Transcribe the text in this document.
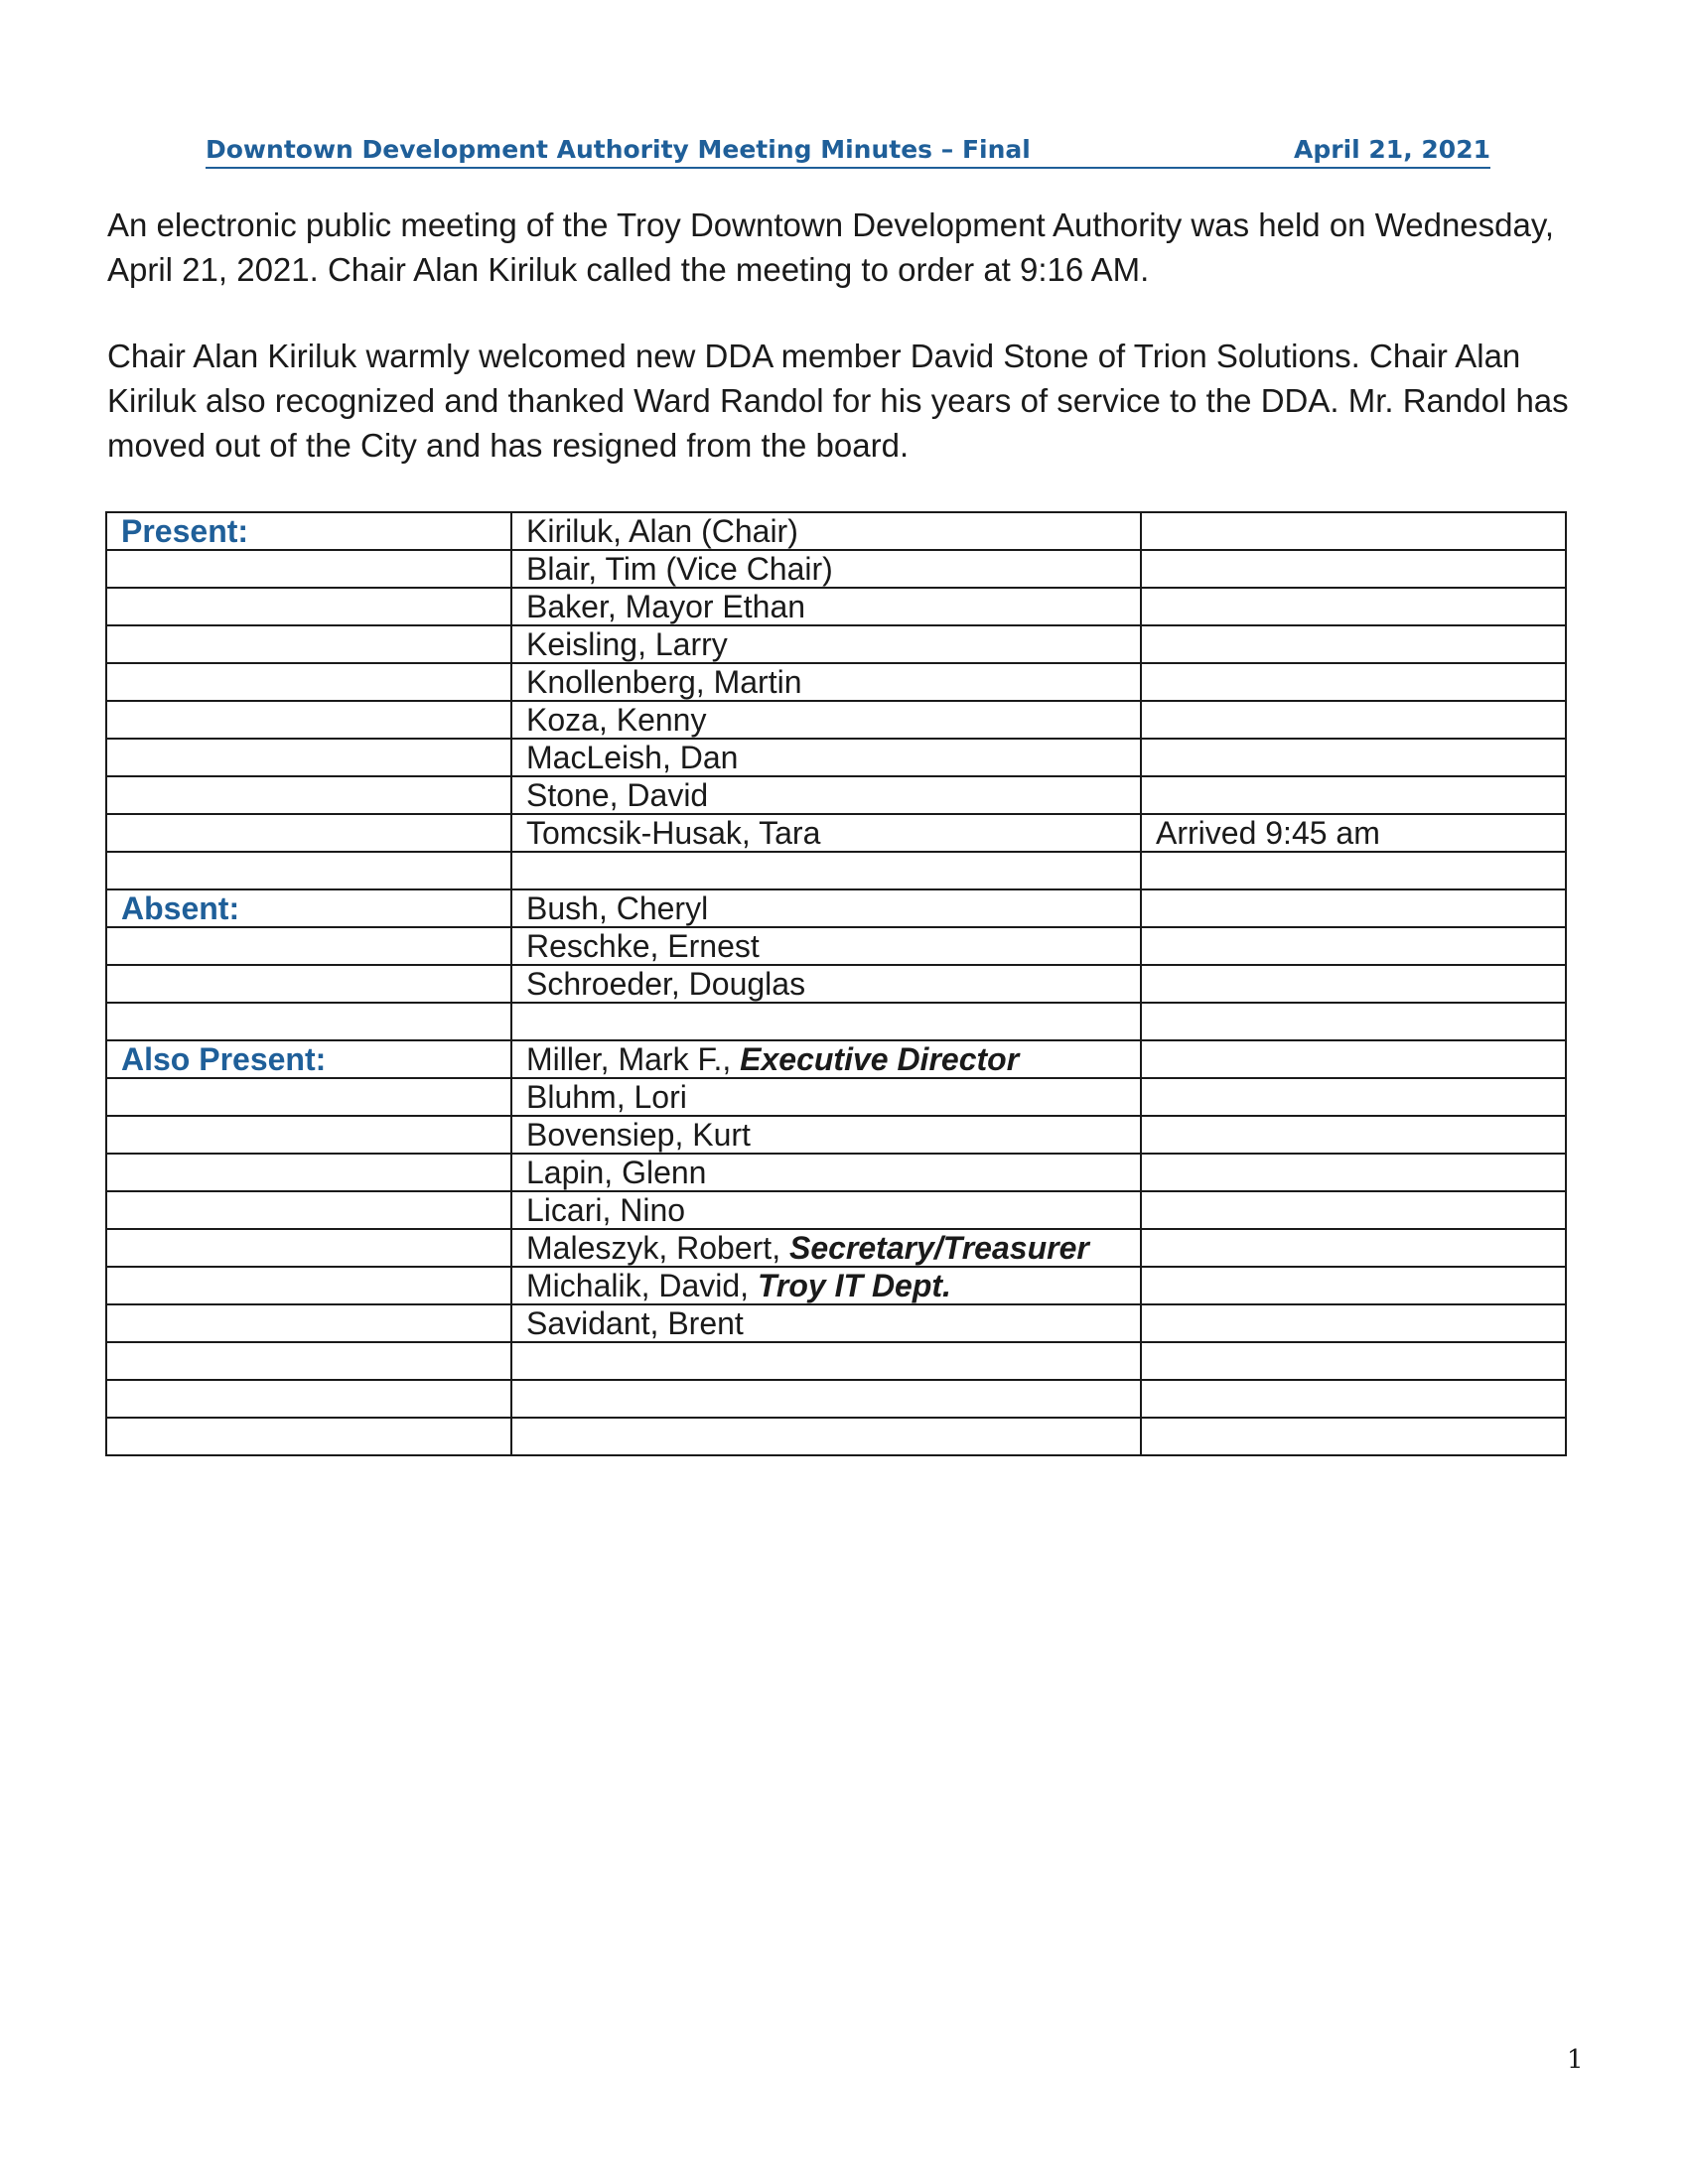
Downtown Development Authority Meeting Minutes – Final	April 21, 2021
An electronic public meeting of the Troy Downtown Development Authority was held on Wednesday,
April 21, 2021. Chair Alan Kiriluk called the meeting to order at 9:16 AM.
Chair Alan Kiriluk warmly welcomed new DDA member David Stone of Trion Solutions. Chair Alan
Kiriluk also recognized and thanked Ward Randol for his years of service to the DDA. Mr. Randol has
moved out of the City and has resigned from the board.
Present:	Kiriluk, Alan (Chair)	
	Blair, Tim (Vice Chair)	
	Baker, Mayor Ethan	
	Keisling, Larry	
	Knollenberg, Martin	
	Koza, Kenny	
	MacLeish, Dan	
	Stone, David	
	Tomcsik-Husak, Tara	Arrived 9:45 am

Absent:	Bush, Cheryl	
	Reschke, Ernest	
	Schroeder, Douglas	

Also Present:	Miller, Mark F., Executive Director	
	Bluhm, Lori	
	Bovensiep, Kurt	
	Lapin, Glenn	
	Licari, Nino	
	Maleszyk, Robert, Secretary/Treasurer	
	Michalik, David, Troy IT Dept.	
	Savidant, Brent	

1
